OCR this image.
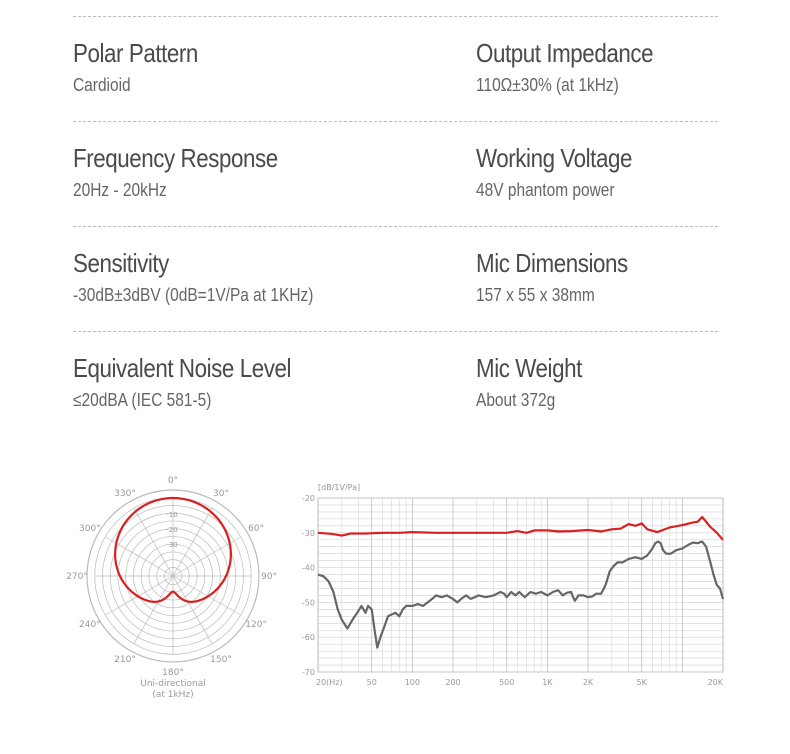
Polar Pattern
Cardioid
Output Impedance
110Ω±30% (at 1kHz)
Frequency Response
20Hz - 20kHz
Working Voltage
48V phantom power
Sensitivity
-30dB±3dBV (0dB=1V/Pa at 1KHz)
Mic Dimensions
157 x 55 x 38mm
Equivalent Noise Level
≤20dBA (IEC 581-5)
Mic Weight
About 372g
0°
30°
60°
90°
120°
150°
180°
210°
240°
270°
300°
330°
-10
-20
-30
Uni-directional
(at 1kHz)
[dB/1V/Pa]
-20
-30
-40
-50
-60
-70
20(Hz)	50	100	200	500	1K	2K	5K	20K
